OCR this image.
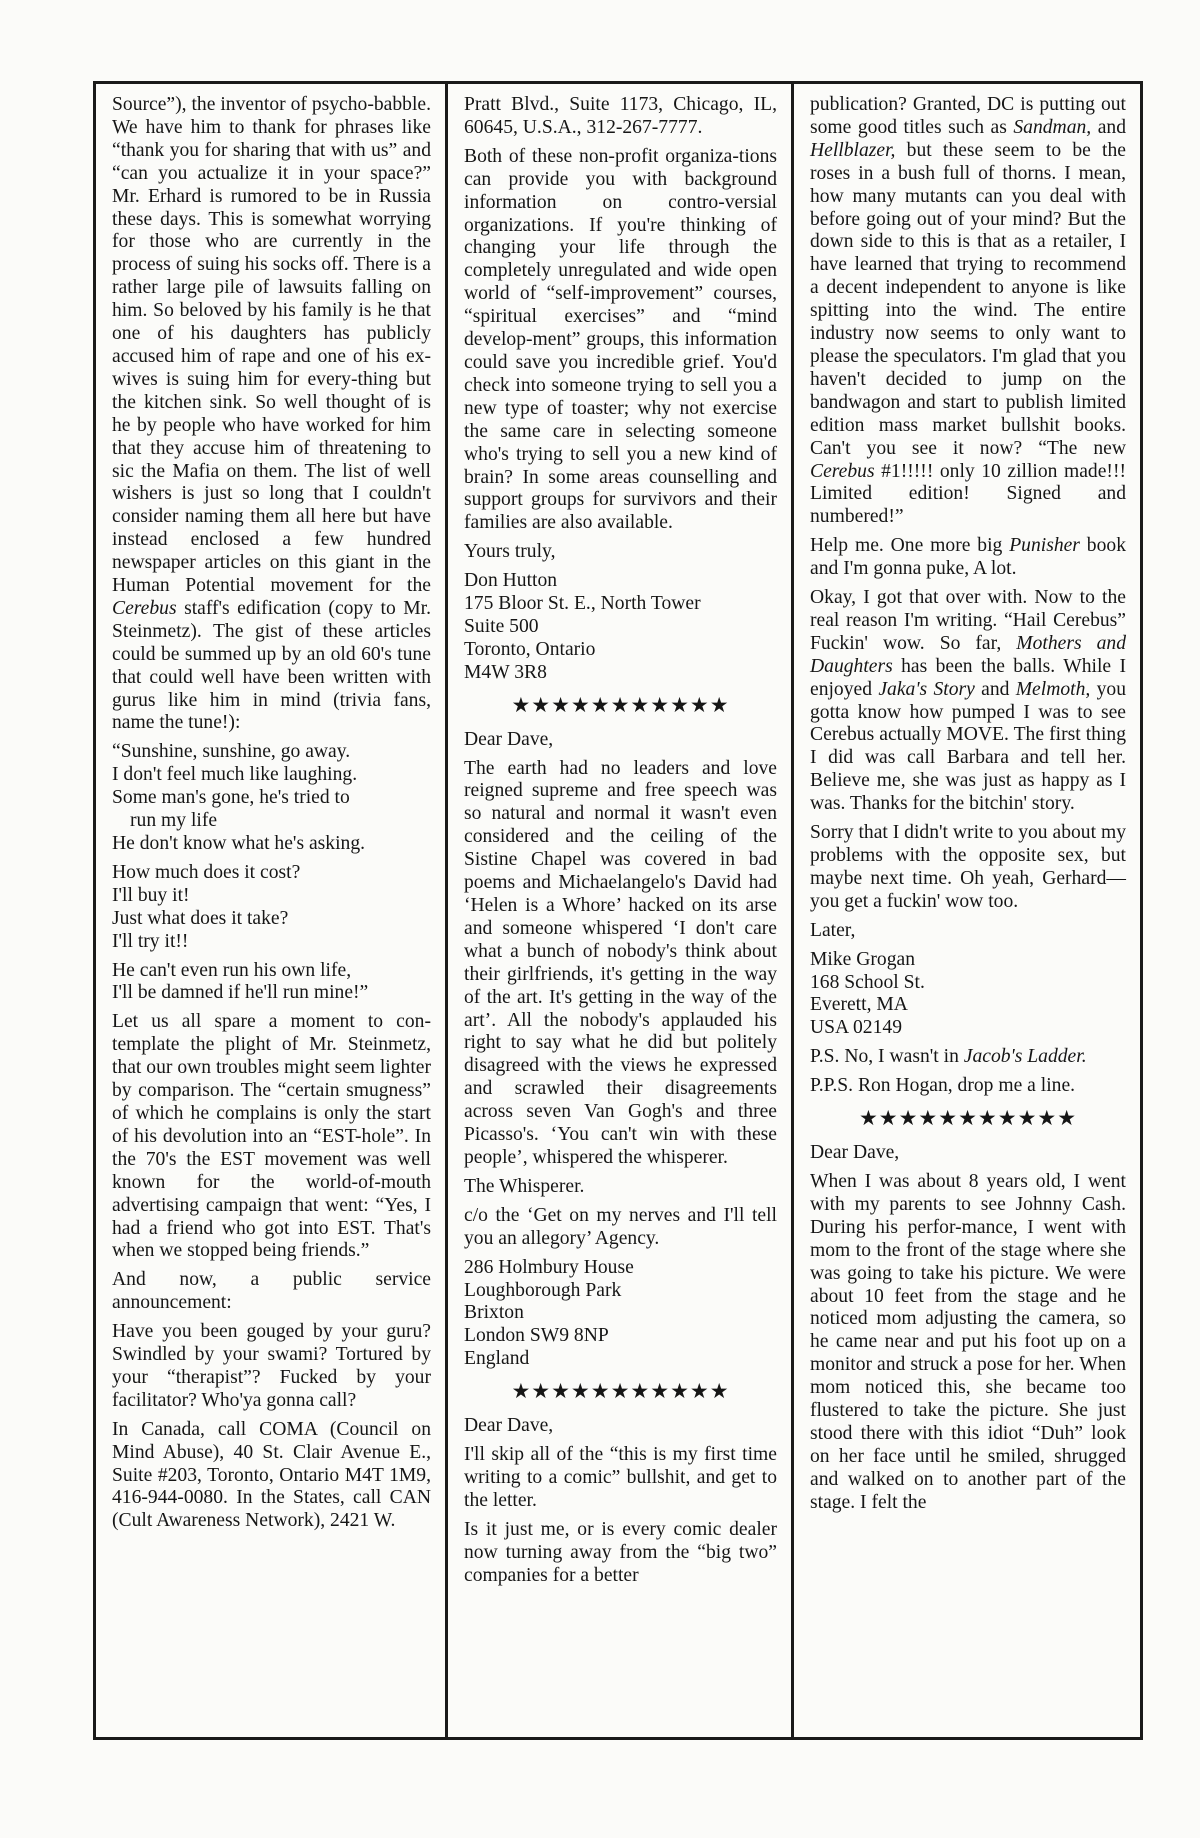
Source”), the inventor of psycho-babble. We have him to thank for phrases like “thank you for sharing that with us” and “can you actualize it in your space?” Mr. Erhard is rumored to be in Russia these days. This is somewhat worrying for those who are currently in the process of suing his socks off. There is a rather large pile of lawsuits falling on him. So beloved by his family is he that one of his daughters has publicly accused him of rape and one of his ex-wives is suing him for every-thing but the kitchen sink. So well thought of is he by people who have worked for him that they accuse him of threatening to sic the Mafia on them. The list of well wishers is just so long that I couldn't consider naming them all here but have instead enclosed a few hundred newspaper articles on this giant in the Human Potential movement for the Cerebus staff's edification (copy to Mr. Steinmetz). The gist of these articles could be summed up by an old 60's tune that could well have been written with gurus like him in mind (trivia fans, name the tune!):

“Sunshine, sunshine, go away.
I don't feel much like laughing.
Some man's gone, he's tried to
run my life
He don't know what he's asking.
How much does it cost?
I'll buy it!
Just what does it take?
I'll try it!!
He can't even run his own life,
I'll be damned if he'll run mine!”

Let us all spare a moment to con-template the plight of Mr. Steinmetz, that our own troubles might seem lighter by comparison. The “certain smugness” of which he complains is only the start of his devolution into an “EST-hole”. In the 70's the EST movement was well known for the world-of-mouth advertising campaign that went: “Yes, I had a friend who got into EST. That's when we stopped being friends.”

And now, a public service announcement:

Have you been gouged by your guru? Swindled by your swami? Tortured by your “therapist”? Fucked by your facilitator? Who'ya gonna call?

In Canada, call COMA (Council on Mind Abuse), 40 St. Clair Avenue E., Suite #203, Toronto, Ontario M4T 1M9, 416-944-0080. In the States, call CAN (Cult Awareness Network), 2421 W.

Pratt Blvd., Suite 1173, Chicago, IL, 60645, U.S.A., 312-267-7777.

Both of these non-profit organiza-tions can provide you with background information on contro-versial organizations. If you're thinking of changing your life through the completely unregulated and wide open world of “self-improvement” courses, “spiritual exercises” and “mind develop-ment” groups, this information could save you incredible grief. You'd check into someone trying to sell you a new type of toaster; why not exercise the same care in selecting someone who's trying to sell you a new kind of brain? In some areas counselling and support groups for survivors and their families are also available.

Yours truly,

Don Hutton
175 Bloor St. E., North Tower
Suite 500
Toronto, Ontario
M4W 3R8
★★★★★★★★★★★

Dear Dave,

The earth had no leaders and love reigned supreme and free speech was so natural and normal it wasn't even considered and the ceiling of the Sistine Chapel was covered in bad poems and Michaelangelo's David had ‘Helen is a Whore’ hacked on its arse and someone whispered ‘I don't care what a bunch of nobody's think about their girlfriends, it's getting in the way of the art. It's getting in the way of the art’. All the nobody's applauded his right to say what he did but politely disagreed with the views he expressed and scrawled their disagreements across seven Van Gogh's and three Picasso's. ‘You can't win with these people’, whispered the whisperer.

The Whisperer.

c/o the ‘Get on my nerves and I'll tell you an allegory’ Agency.

286 Holmbury House
Loughborough Park
Brixton
London SW9 8NP
England
★★★★★★★★★★★

Dear Dave,

I'll skip all of the “this is my first time writing to a comic” bullshit, and get to the letter.

Is it just me, or is every comic dealer now turning away from the “big two” companies for a better

publication? Granted, DC is putting out some good titles such as Sandman, and Hellblazer, but these seem to be the roses in a bush full of thorns. I mean, how many mutants can you deal with before going out of your mind? But the down side to this is that as a retailer, I have learned that trying to recommend a decent independent to anyone is like spitting into the wind. The entire industry now seems to only want to please the speculators. I'm glad that you haven't decided to jump on the bandwagon and start to publish limited edition mass market bullshit books. Can't you see it now? “The new Cerebus #1!!!!! only 10 zillion made!!! Limited edition! Signed and numbered!”

Help me. One more big Punisher book and I'm gonna puke, A lot.

Okay, I got that over with. Now to the real reason I'm writing. “Hail Cerebus” Fuckin' wow. So far, Mothers and Daughters has been the balls. While I enjoyed Jaka's Story and Melmoth, you gotta know how pumped I was to see Cerebus actually MOVE. The first thing I did was call Barbara and tell her. Believe me, she was just as happy as I was. Thanks for the bitchin' story.

Sorry that I didn't write to you about my problems with the opposite sex, but maybe next time. Oh yeah, Gerhard—you get a fuckin' wow too.

Later,

Mike Grogan
168 School St.
Everett, MA
USA 02149

P.S. No, I wasn't in Jacob's Ladder.

P.P.S. Ron Hogan, drop me a line.

★★★★★★★★★★★

Dear Dave,

When I was about 8 years old, I went with my parents to see Johnny Cash. During his perfor-mance, I went with mom to the front of the stage where she was going to take his picture. We were about 10 feet from the stage and he noticed mom adjusting the camera, so he came near and put his foot up on a monitor and struck a pose for her. When mom noticed this, she became too flustered to take the picture. She just stood there with this idiot “Duh” look on her face until he smiled, shrugged and walked on to another part of the stage. I felt the
